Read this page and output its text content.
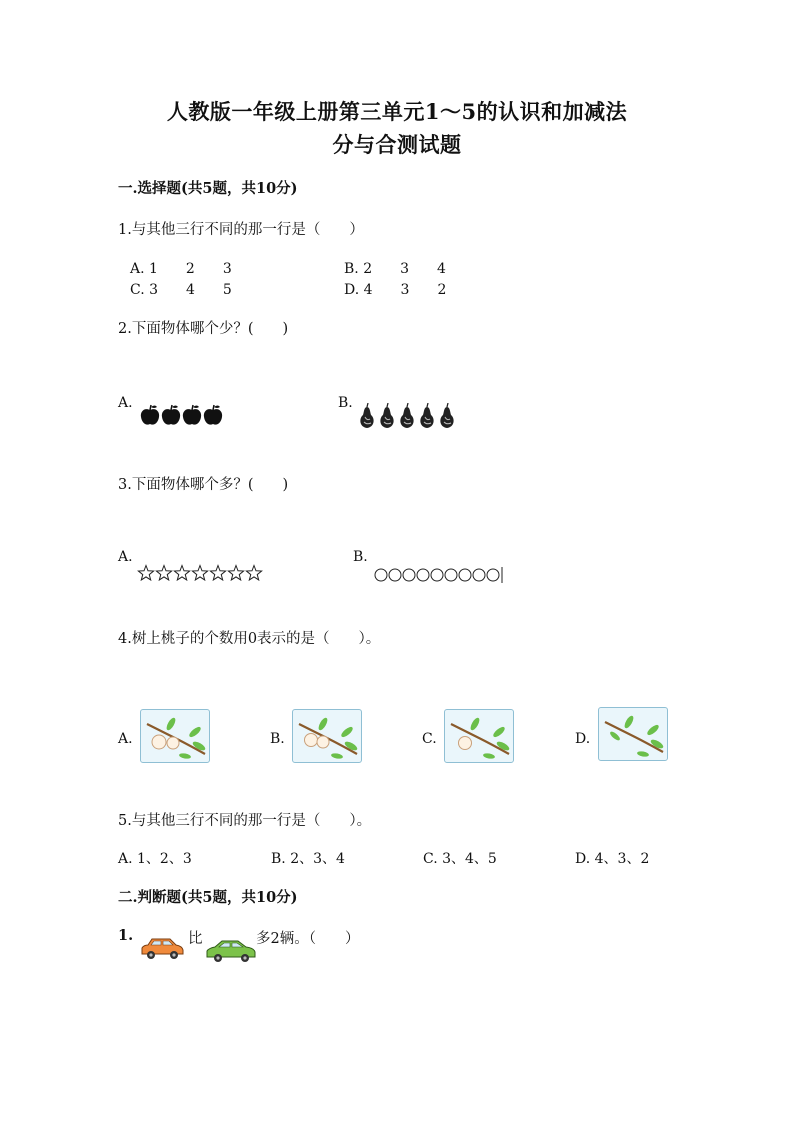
人教版一年级上册第三单元1～5的认识和加减法
分与合测试题
一.选择题(共5题，共10分)
1.与其他三行不同的那一行是（　　）
A. 1　　2　　3	B. 2　　3　　4
C. 3　　4　　5	D. 4　　3　　2
2.下面物体哪个少？(　　)
A.	B.
3.下面物体哪个多？(　　)
A.	B.
4.树上桃子的个数用0表示的是（　　）。
A.	B.	C.	D.
5.与其他三行不同的那一行是（　　）。
A. 1、2、3	B. 2、3、4	C. 3、4、5	D. 4、3、2
二.判断题(共5题，共10分)
1.	比	多2辆。（　　）
